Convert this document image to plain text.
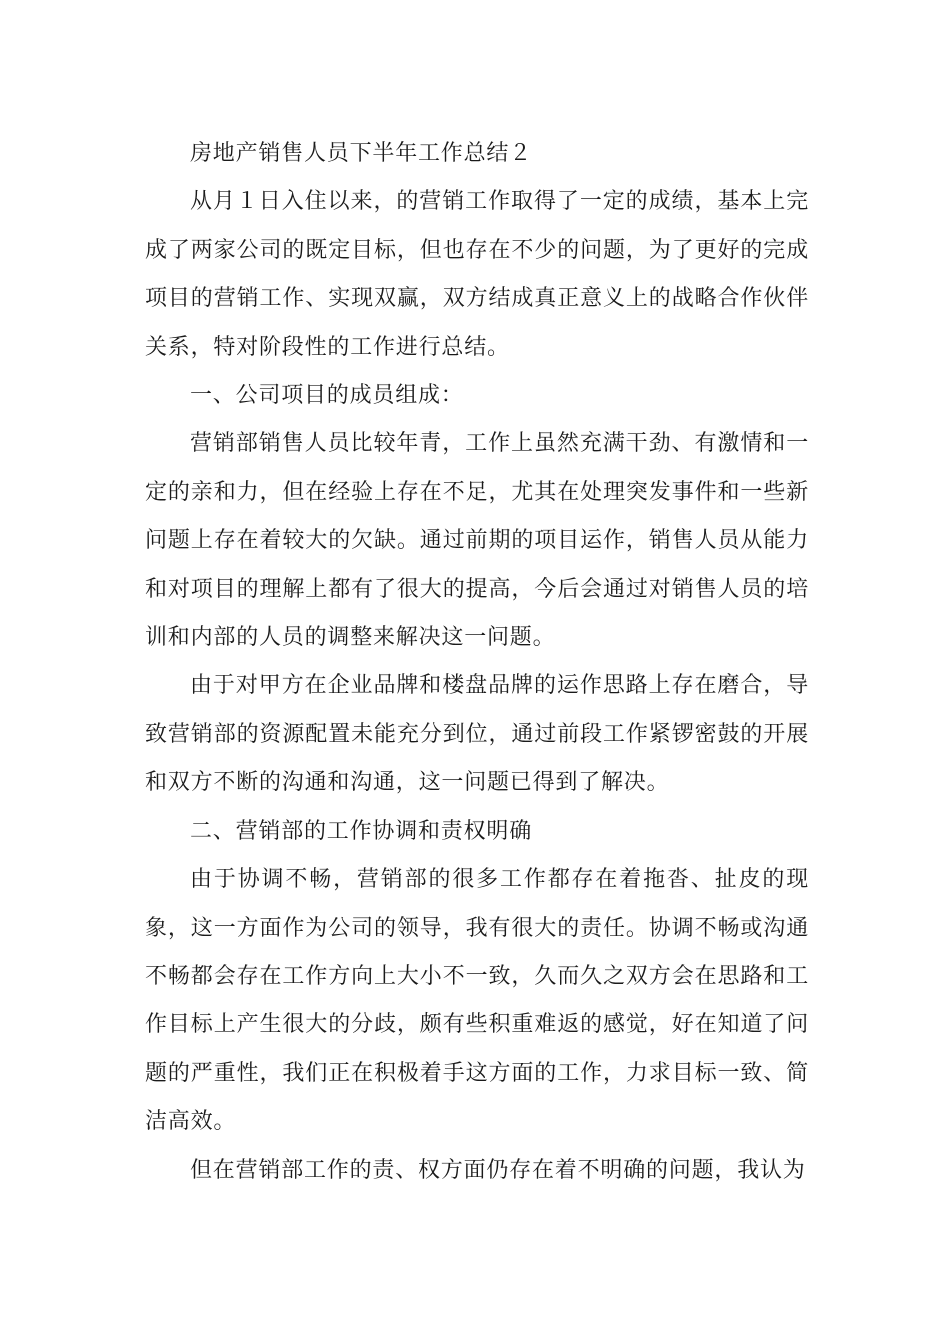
房地产销售人员下半年工作总结２

从月１日入住以来，的营销工作取得了一定的成绩，基本上完成了两家公司的既定目标，但也存在不少的问题，为了更好的完成项目的营销工作、实现双赢，双方结成真正意义上的战略合作伙伴关系，特对阶段性的工作进行总结。

一、公司项目的成员组成：

营销部销售人员比较年青，工作上虽然充满干劲、有激情和一定的亲和力，但在经验上存在不足，尤其在处理突发事件和一些新问题上存在着较大的欠缺。通过前期的项目运作，销售人员从能力和对项目的理解上都有了很大的提高，今后会通过对销售人员的培训和内部的人员的调整来解决这一问题。

由于对甲方在企业品牌和楼盘品牌的运作思路上存在磨合，导致营销部的资源配置未能充分到位，通过前段工作紧锣密鼓的开展和双方不断的沟通和沟通，这一问题已得到了解决。

二、营销部的工作协调和责权明确

由于协调不畅，营销部的很多工作都存在着拖沓、扯皮的现象，这一方面作为公司的领导，我有很大的责任。协调不畅或沟通不畅都会存在工作方向上大小不一致，久而久之双方会在思路和工作目标上产生很大的分歧，颇有些积重难返的感觉，好在知道了问题的严重性，我们正在积极着手这方面的工作，力求目标一致、简洁高效。

但在营销部工作的责、权方面仍存在着不明确的问题，我认为
